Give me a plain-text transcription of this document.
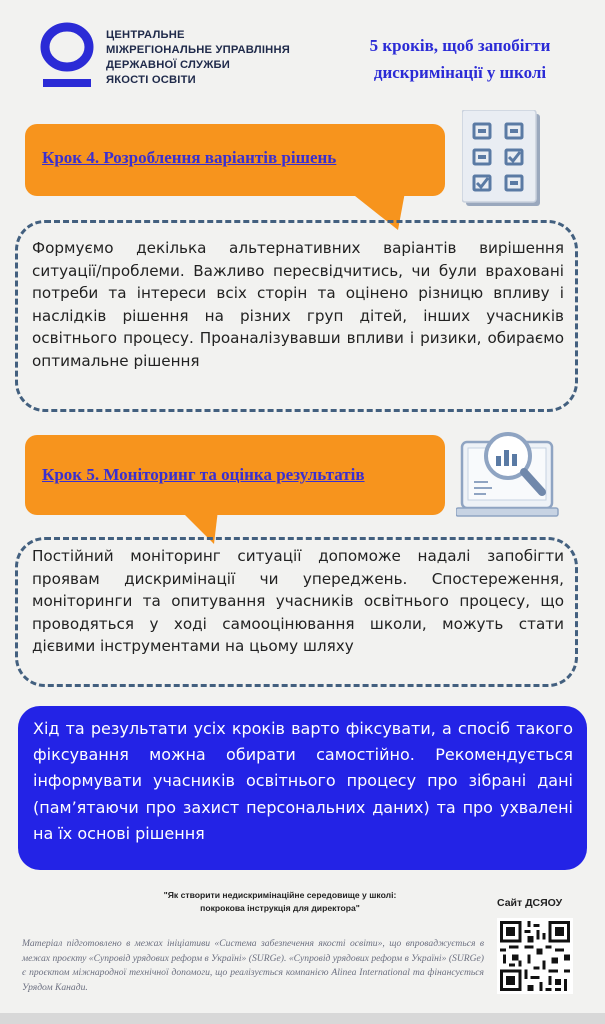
ЦЕНТРАЛЬНЕ
МІЖРЕГІОНАЛЬНЕ УПРАВЛІННЯ
ДЕРЖАВНОЇ СЛУЖБИ
ЯКОСТІ ОСВІТИ
5 кроків, щоб запобігти
дискримінації у школі
Крок 4. Розроблення варіантів рішень
Формуємо декілька альтернативних варіантів вирішення ситуації/проблеми. Важливо пересвідчитись, чи були враховані потреби та інтереси всіх сторін та оцінено різницю впливу і наслідків рішення на різних груп дітей, інших учасників освітнього процесу. Проаналізувавши впливи і ризики, обираємо оптимальне рішення
Крок 5. Моніторинг та оцінка результатів
Постійний моніторинг ситуації допоможе надалі запобігти проявам дискримінації чи упереджень. Спостереження, моніторинги та опитування учасників освітнього процесу, що проводяться у ході самооцінювання школи, можуть стати дієвими інструментами на цьому шляху
Хід та результати усіх кроків варто фіксувати, а спосіб такого фіксування можна обирати самостійно. Рекомендується інформувати учасників освітнього процесу про зібрані дані (пам’ятаючи про захист персональних даних) та про ухвалені на їх основі рішення
"Як створити недискримінаційне середовище у школі:
покрокова інструкція для директора"	Сайт ДСЯОУ
Матеріал підготовлено в межах ініціативи «Система забезпечення якості освіти», що впроваджується в межах проєкту «Супровід урядових реформ в Україні» (SURGe). «Супровід урядових реформ в Україні» (SURGe) є проєктом міжнародної технічної допомоги, що реалізується компанією Alinea International та фінансується Урядом Канади.
